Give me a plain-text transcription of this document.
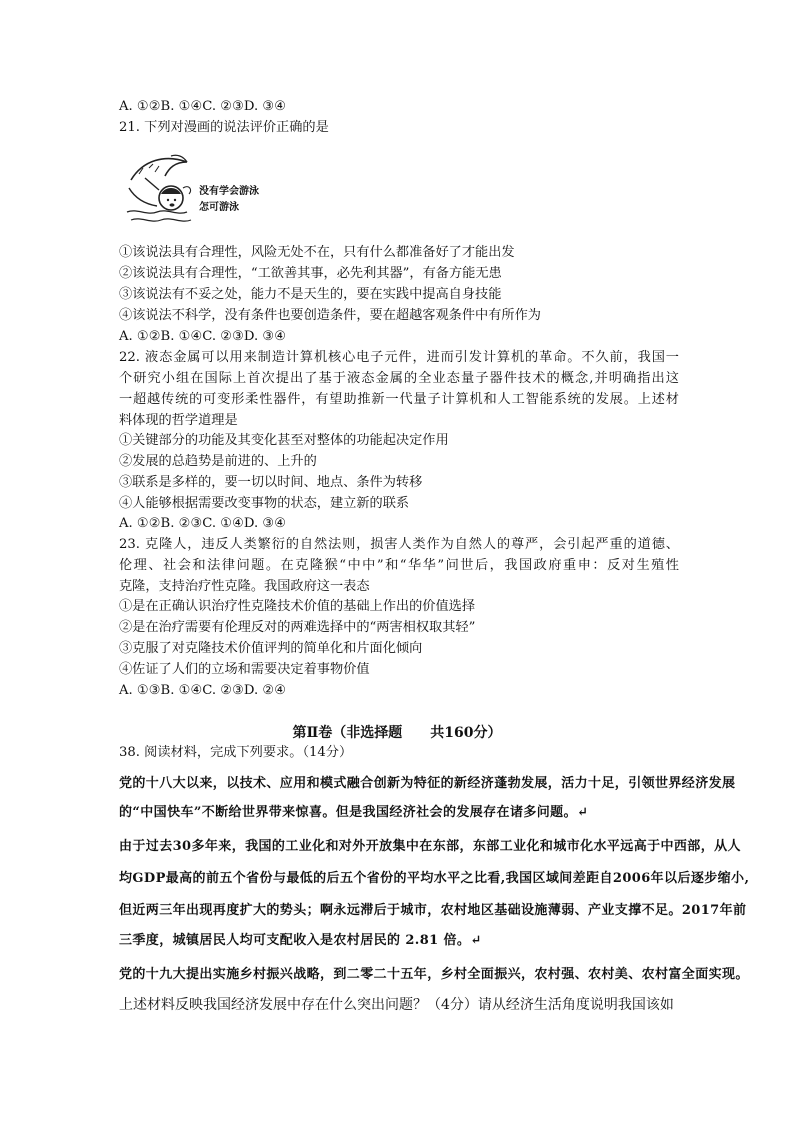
A. ①②B. ①④C. ②③D. ③④
21. 下列对漫画的说法评价正确的是
没有学会游泳
怎可游泳
①该说法具有合理性，风险无处不在，只有什么都准备好了才能出发
②该说法具有合理性，“工欲善其事，必先利其器”，有备方能无患
③该说法有不妥之处，能力不是天生的，要在实践中提高自身技能
④该说法不科学，没有条件也要创造条件，要在超越客观条件中有所作为
A. ①②B. ①④C. ②③D. ③④
22. 液态金属可以用来制造计算机核心电子元件，进而引发计算机的革命。不久前，我国一
个研究小组在国际上首次提出了基于液态金属的全业态量子器件技术的概念,并明确指出这
一超越传统的可变形柔性器件，有望助推新一代量子计算机和人工智能系统的发展。上述材
料体现的哲学道理是
①关键部分的功能及其变化甚至对整体的功能起决定作用
②发展的总趋势是前进的、上升的
③联系是多样的，要一切以时间、地点、条件为转移
④人能够根据需要改变事物的状态，建立新的联系
A. ①②B. ②③C. ①④D. ③④
23. 克隆人，违反人类繁衍的自然法则，损害人类作为自然人的尊严，会引起严重的道德、
伦理、社会和法律问题。在克隆猴“中中”和“华华”问世后，我国政府重申：反对生殖性
克隆，支持治疗性克隆。我国政府这一表态
①是在正确认识治疗性克隆技术价值的基础上作出的价值选择
②是在治疗需要有伦理反对的两难选择中的“两害相权取其轻”
③克服了对克隆技术价值评判的简单化和片面化倾向
④佐证了人们的立场和需要决定着事物价值
A. ①③B. ①④C. ②③D. ②④
第Ⅱ卷（非选择题　　共160分）
38. 阅读材料，完成下列要求。（14分）
党的十八大以来，以技术、应用和模式融合创新为特征的新经济蓬勃发展，活力十足，引领世界经济发展
的“中国快车”不断给世界带来惊喜。但是我国经济社会的发展存在诸多问题。↵
由于过去30多年来，我国的工业化和对外开放集中在东部，东部工业化和城市化水平远高于中西部，从人
均GDP最高的前五个省份与最低的后五个省份的平均水平之比看,我国区域间差距自2006年以后逐步缩小,
但近两三年出现再度扩大的势头；啊永远滞后于城市，农村地区基础设施薄弱、产业支撑不足。2017年前
三季度，城镇居民人均可支配收入是农村居民的 2.81 倍。↵
党的十九大提出实施乡村振兴战略，到二零二十五年，乡村全面振兴，农村强、农村美、农村富全面实现。
上述材料反映我国经济发展中存在什么突出问题？（4分）请从经济生活角度说明我国该如
